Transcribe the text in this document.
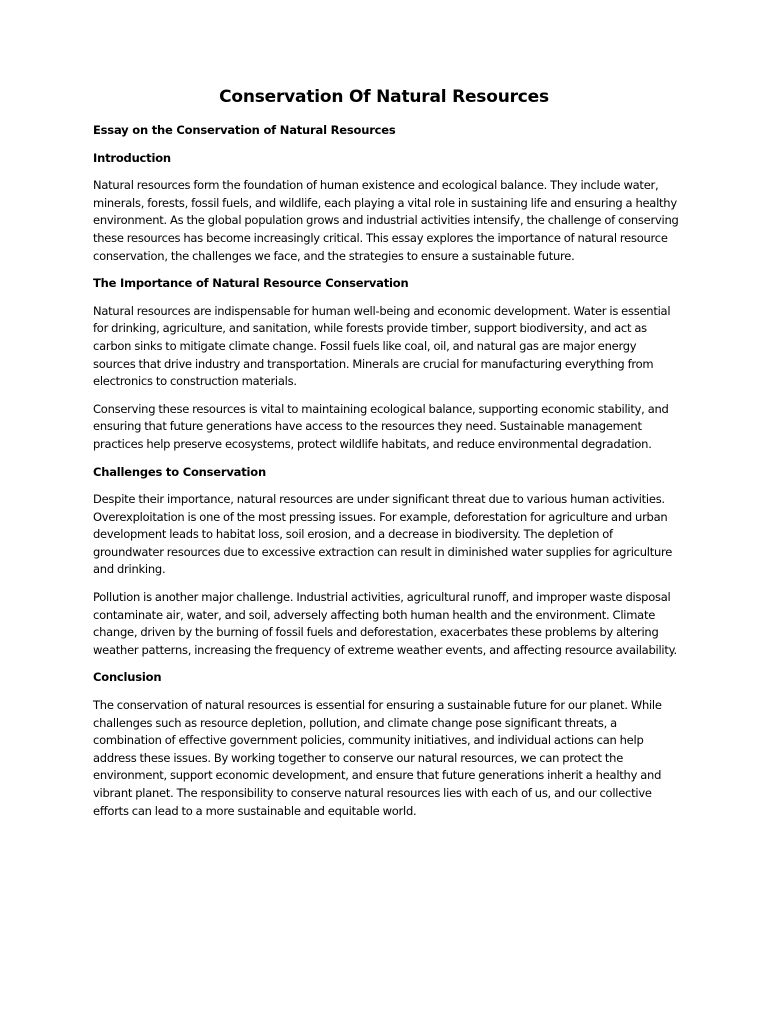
Conservation Of Natural Resources

Essay on the Conservation of Natural Resources

Introduction

Natural resources form the foundation of human existence and ecological balance. They include water, minerals, forests, fossil fuels, and wildlife, each playing a vital role in sustaining life and ensuring a healthy environment. As the global population grows and industrial activities intensify, the challenge of conserving these resources has become increasingly critical. This essay explores the importance of natural resource conservation, the challenges we face, and the strategies to ensure a sustainable future.

The Importance of Natural Resource Conservation

Natural resources are indispensable for human well-being and economic development. Water is essential for drinking, agriculture, and sanitation, while forests provide timber, support biodiversity, and act as carbon sinks to mitigate climate change. Fossil fuels like coal, oil, and natural gas are major energy sources that drive industry and transportation. Minerals are crucial for manufacturing everything from electronics to construction materials.

Conserving these resources is vital to maintaining ecological balance, supporting economic stability, and ensuring that future generations have access to the resources they need. Sustainable management practices help preserve ecosystems, protect wildlife habitats, and reduce environmental degradation.

Challenges to Conservation

Despite their importance, natural resources are under significant threat due to various human activities. Overexploitation is one of the most pressing issues. For example, deforestation for agriculture and urban development leads to habitat loss, soil erosion, and a decrease in biodiversity. The depletion of groundwater resources due to excessive extraction can result in diminished water supplies for agriculture and drinking.

Pollution is another major challenge. Industrial activities, agricultural runoff, and improper waste disposal contaminate air, water, and soil, adversely affecting both human health and the environment. Climate change, driven by the burning of fossil fuels and deforestation, exacerbates these problems by altering weather patterns, increasing the frequency of extreme weather events, and affecting resource availability.

Conclusion

The conservation of natural resources is essential for ensuring a sustainable future for our planet. While challenges such as resource depletion, pollution, and climate change pose significant threats, a combination of effective government policies, community initiatives, and individual actions can help address these issues. By working together to conserve our natural resources, we can protect the environment, support economic development, and ensure that future generations inherit a healthy and vibrant planet. The responsibility to conserve natural resources lies with each of us, and our collective efforts can lead to a more sustainable and equitable world.
